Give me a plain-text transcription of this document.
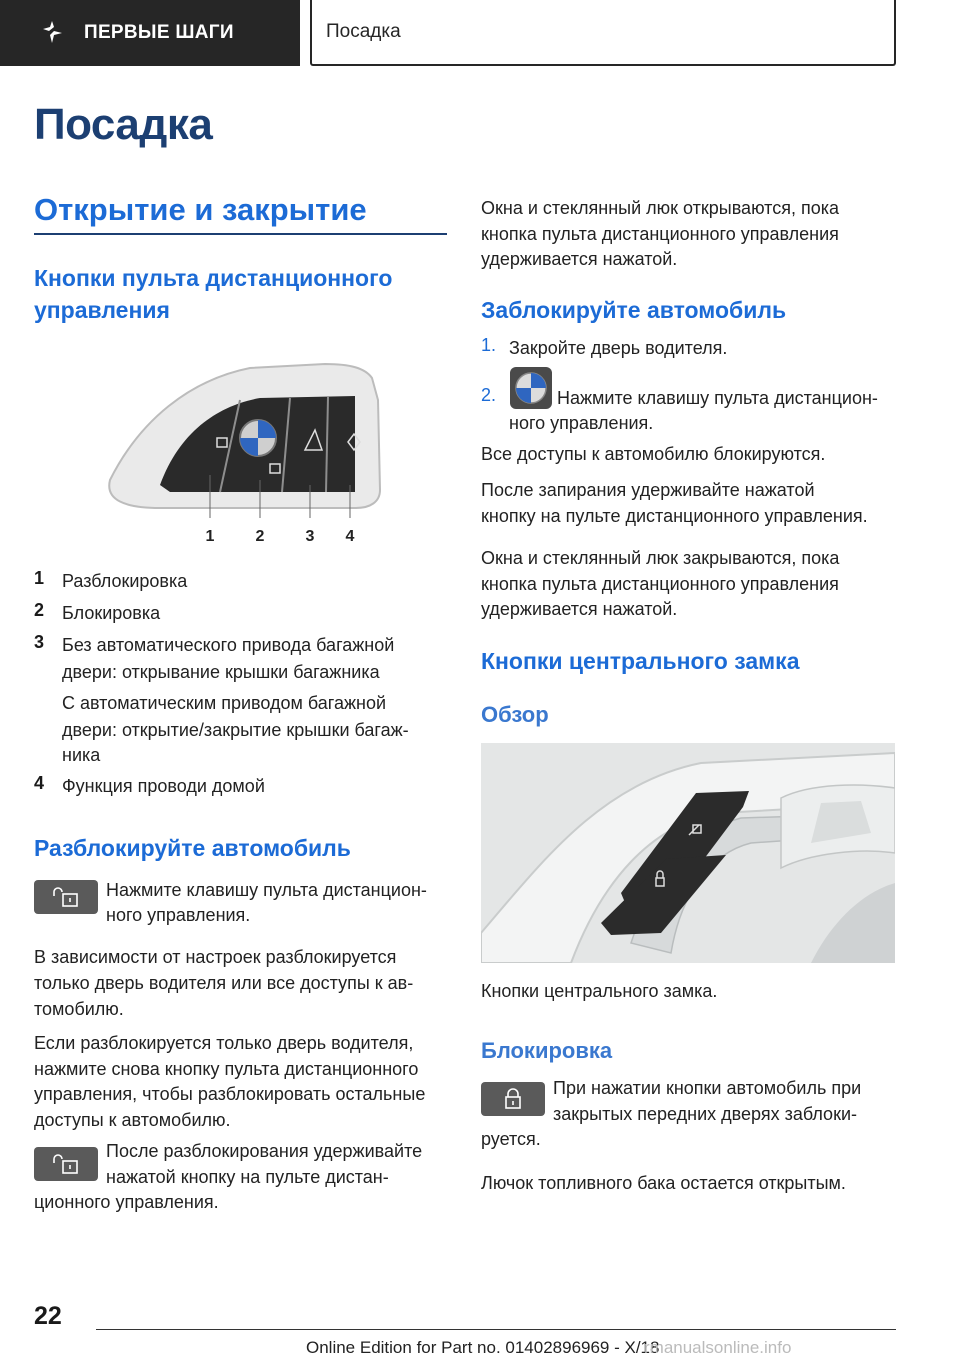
ПЕРВЫЕ ШАГИ	Посадка
Посадка
Открытие и закрытие
Кнопки пульта дистанционного управления
1	2	3 4
1 Разблокировка

2 Блокировка

3 Без автоматического привода багажной

двери: открывание крышки багажника

С автоматическим приводом багажной

двери: открытие/закрытие крышки багаж-

ника

4 Функция проводи домой

Разблокируйте автомобиль

Нажмите клавишу пульта дистанцион-

ного управления.

В зависимости от настроек разблокируется

только дверь водителя или все доступы к ав-

томобилю.

Если разблокируется только дверь водителя,

нажмите снова кнопку пульта дистанционного

управления, чтобы разблокировать остальные

доступы к автомобилю.

После разблокирования удерживайте

нажатой кнопку на пульте дистан-

ционного управления.

Окна и стеклянный люк открываются, пока

кнопка пульта дистанционного управления

удерживается нажатой.

Заблокируйте автомобиль
1. Закройте дверь водителя.

2.	Нажмите клавишу пульта дистанцион-

ного управления.

Все доступы к автомобилю блокируются.

После запирания удерживайте нажатой

кнопку на пульте дистанционного управления.

Окна и стеклянный люк закрываются, пока

кнопка пульта дистанционного управления

удерживается нажатой.

Кнопки центрального замка
Обзор

Кнопки центрального замка.

Блокировка

При нажатии кнопки автомобиль при

закрытых передних дверях заблоки-

руется.

Лючок топливного бака остается открытым.

22
Online Edition for Part no. 01402896969 - X/18
rmanualsonline.info
